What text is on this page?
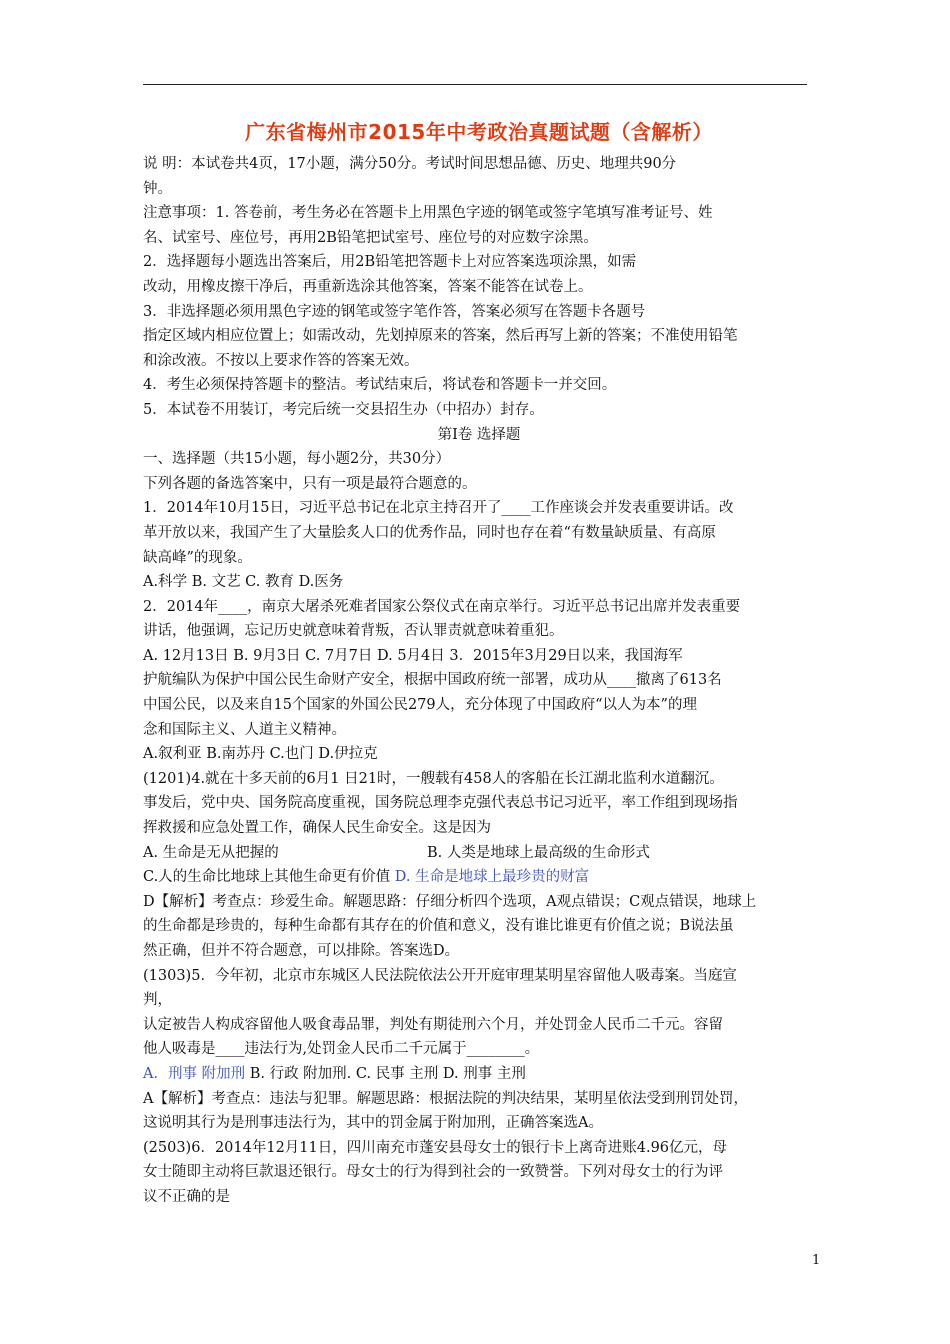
广东省梅州市2015年中考政治真题试题（含解析）

说 明：本试卷共4页，17小题，满分50分。考试时间思想品德、历史、地理共90分

钟。

注意事项：1. 答卷前，考生务必在答题卡上用黑色字迹的钢笔或签字笔填写准考证号、姓

名、试室号、座位号，再用2B铅笔把试室号、座位号的对应数字涂黑。

2．选择题每小题选出答案后，用2B铅笔把答题卡上对应答案选项涂黑，如需

改动，用橡皮擦干净后，再重新选涂其他答案，答案不能答在试卷上。

3．非选择题必须用黑色字迹的钢笔或签字笔作答，答案必须写在答题卡各题号

指定区域内相应位置上；如需改动，先划掉原来的答案，然后再写上新的答案；不准使用铅笔

和涂改液。不按以上要求作答的答案无效。

4．考生必须保持答题卡的整洁。考试结束后，将试卷和答题卡一并交回。

5．本试卷不用装订，考完后统一交县招生办（中招办）封存。

第Ⅰ卷 选择题

一、选择题（共15小题，每小题2分，共30分）

下列各题的备选答案中，只有一项是最符合题意的。

1．2014年10月15日，习近平总书记在北京主持召开了____工作座谈会并发表重要讲话。改

革开放以来，我国产生了大量脍炙人口的优秀作品，同时也存在着“有数量缺质量、有高原

缺高峰”的现象。

A.科学 B. 文艺 C. 教育 D.医务

2．2014年____，南京大屠杀死难者国家公祭仪式在南京举行。习近平总书记出席并发表重要

讲话，他强调，忘记历史就意味着背叛，否认罪责就意味着重犯。

A. 12月13日 B. 9月3日 C. 7月7日 D. 5月4日 3．2015年3月29日以来，我国海军

护航编队为保护中国公民生命财产安全，根据中国政府统一部署，成功从____撤离了613名

中国公民，以及来自15个国家的外国公民279人，充分体现了中国政府“以人为本”的理

念和国际主义、人道主义精神。

A.叙利亚 B.南苏丹 C.也门 D.伊拉克

(1201)4.就在十多天前的6月1 日21时，一艘载有458人的客船在长江湖北监利水道翻沉。

事发后，党中央、国务院高度重视，国务院总理李克强代表总书记习近平，率工作组到现场指

挥救援和应急处置工作，确保人民生命安全。这是因为

A. 生命是无从把握的	B. 人类是地球上最高级的生命形式

C.人的生命比地球上其他生命更有价值 D. 生命是地球上最珍贵的财富

D【解析】考查点：珍爱生命。解题思路：仔细分析四个选项，A观点错误；C观点错误，地球上

的生命都是珍贵的，每种生命都有其存在的价值和意义，没有谁比谁更有价值之说；B说法虽

然正确，但并不符合题意，可以排除。答案选D。

(1303)5．今年初，北京市东城区人民法院依法公开开庭审理某明星容留他人吸毒案。当庭宣

判，

认定被告人构成容留他人吸食毒品罪，判处有期徒刑六个月，并处罚金人民币二千元。容留

他人吸毒是____违法行为,处罚金人民币二千元属于________。

A．刑事 附加刑 B. 行政 附加刑. C. 民事 主刑 D. 刑事 主刑

A【解析】考查点：违法与犯罪。解题思路：根据法院的判决结果，某明星依法受到刑罚处罚，

这说明其行为是刑事违法行为，其中的罚金属于附加刑，正确答案选A。

(2503)6．2014年12月11日，四川南充市蓬安县母女士的银行卡上离奇进账4.96亿元，母

女士随即主动将巨款退还银行。母女士的行为得到社会的一致赞誉。下列对母女士的行为评

议不正确的是

1
